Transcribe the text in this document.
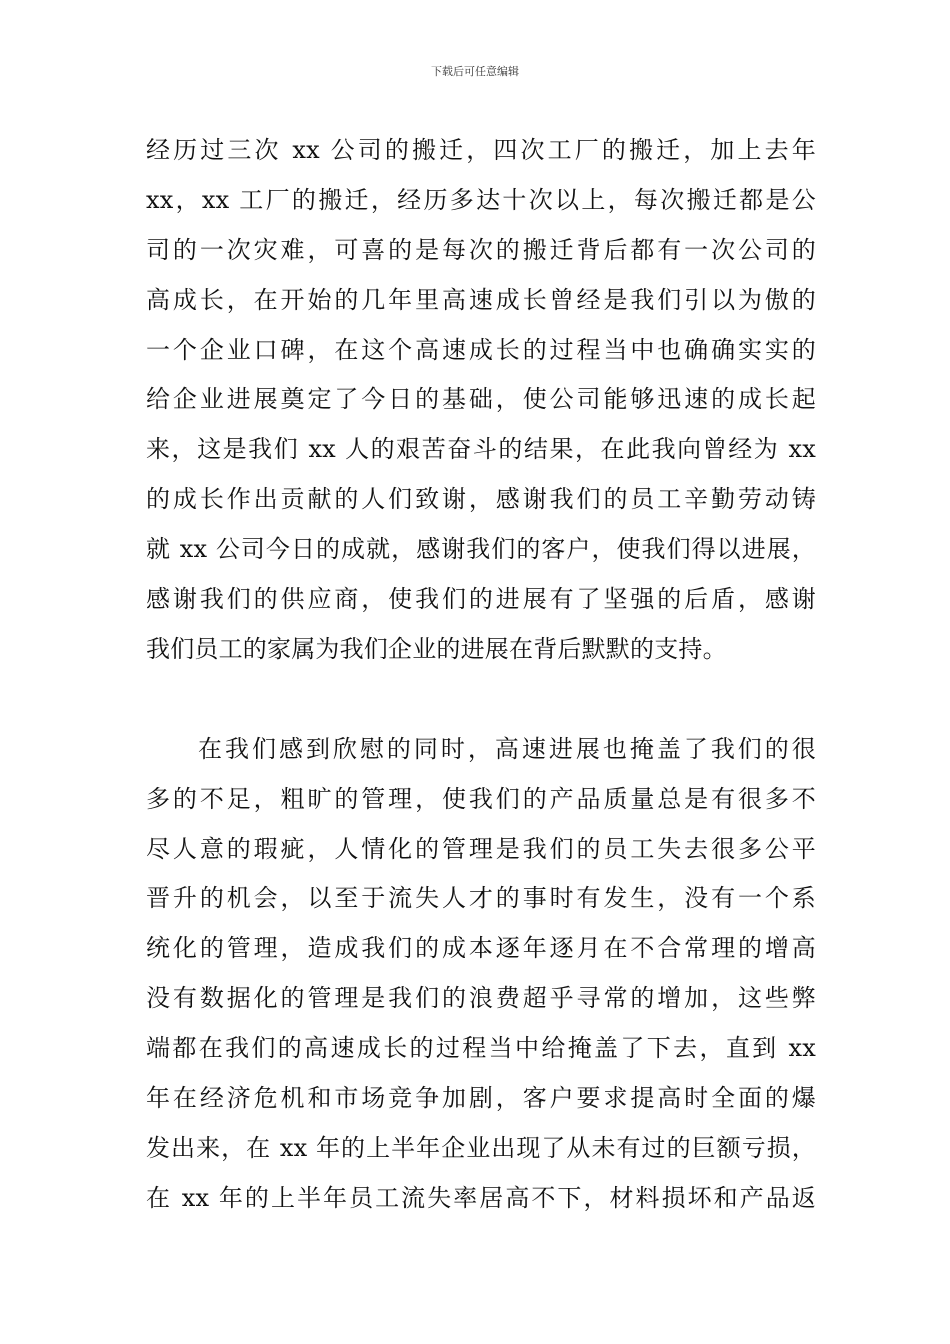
下载后可任意编辑
经历过三次 xx 公司的搬迁，四次工厂的搬迁，加上去年
xx，xx 工厂的搬迁，经历多达十次以上，每次搬迁都是公
司的一次灾难，可喜的是每次的搬迁背后都有一次公司的
高成长，在开始的几年里高速成长曾经是我们引以为傲的
一个企业口碑，在这个高速成长的过程当中也确确实实的
给企业进展奠定了今日的基础，使公司能够迅速的成长起
来，这是我们 xx 人的艰苦奋斗的结果，在此我向曾经为 xx
的成长作出贡献的人们致谢，感谢我们的员工辛勤劳动铸
就 xx 公司今日的成就，感谢我们的客户，使我们得以进展，
感谢我们的供应商，使我们的进展有了坚强的后盾，感谢
我们员工的家属为我们企业的进展在背后默默的支持。
在我们感到欣慰的同时，高速进展也掩盖了我们的很
多的不足，粗旷的管理，使我们的产品质量总是有很多不
尽人意的瑕疵，人情化的管理是我们的员工失去很多公平
晋升的机会，以至于流失人才的事时有发生，没有一个系
统化的管理，造成我们的成本逐年逐月在不合常理的增高
没有数据化的管理是我们的浪费超乎寻常的增加，这些弊
端都在我们的高速成长的过程当中给掩盖了下去，直到 xx
年在经济危机和市场竞争加剧，客户要求提高时全面的爆
发出来，在 xx 年的上半年企业出现了从未有过的巨额亏损，
在 xx 年的上半年员工流失率居高不下，材料损坏和产品返
